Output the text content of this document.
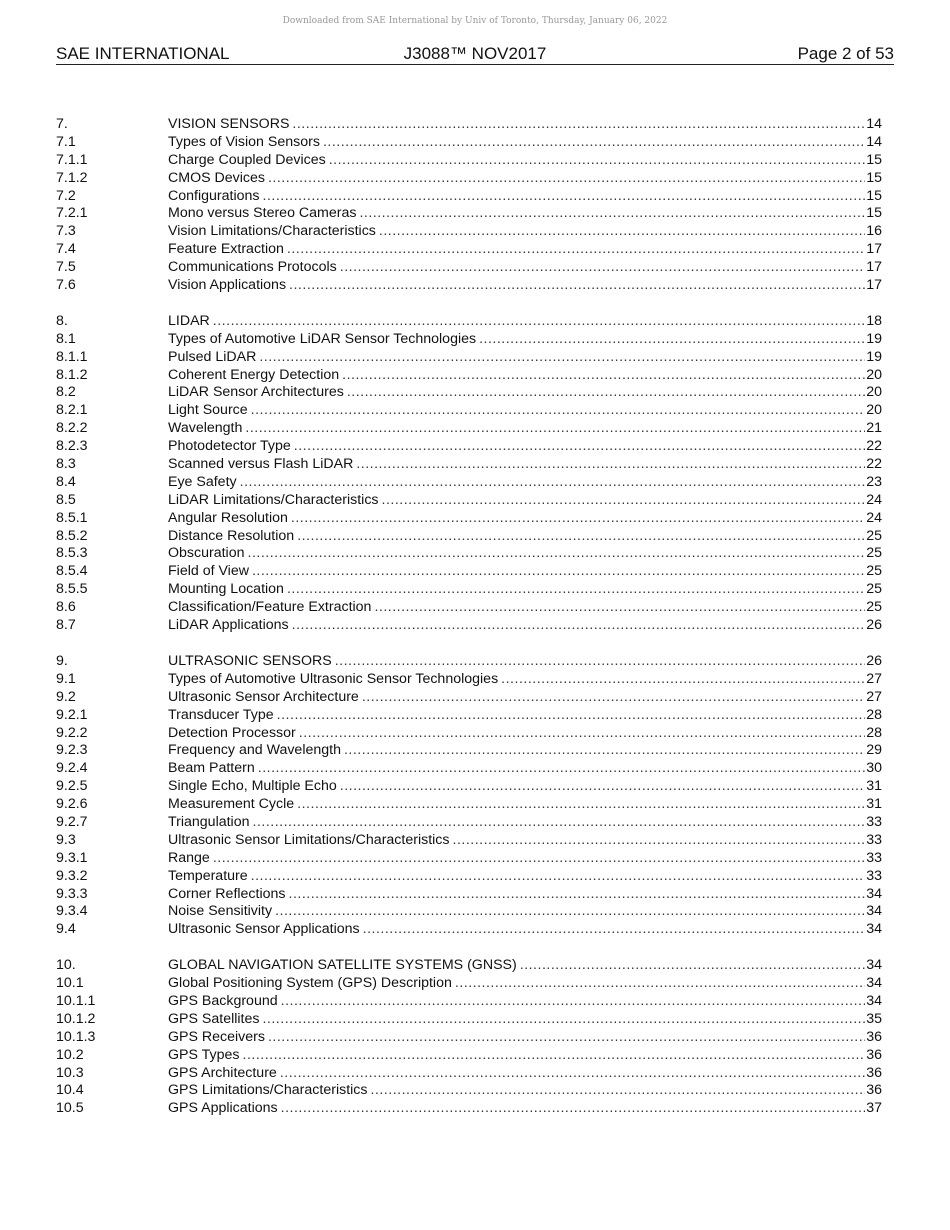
Downloaded from SAE International by Univ of Toronto, Thursday, January 06, 2022
SAE INTERNATIONAL	J3088™ NOV2017	Page 2 of 53
7.	VISION SENSORS .....	14
7.1	Types of Vision Sensors .....	14
7.1.1	Charge Coupled Devices .....	15
7.1.2	CMOS Devices .....	15
7.2	Configurations .....	15
7.2.1	Mono versus Stereo Cameras .....	15
7.3	Vision Limitations/Characteristics .....	16
7.4	Feature Extraction .....	17
7.5	Communications Protocols .....	17
7.6	Vision Applications .....	17
8.	LIDAR .....	18
8.1	Types of Automotive LiDAR Sensor Technologies .....	19
8.1.1	Pulsed LiDAR .....	19
8.1.2	Coherent Energy Detection .....	20
8.2	LiDAR Sensor Architectures .....	20
8.2.1	Light Source .....	20
8.2.2	Wavelength .....	21
8.2.3	Photodetector Type .....	22
8.3	Scanned versus Flash LiDAR .....	22
8.4	Eye Safety .....	23
8.5	LiDAR Limitations/Characteristics .....	24
8.5.1	Angular Resolution .....	24
8.5.2	Distance Resolution .....	25
8.5.3	Obscuration .....	25
8.5.4	Field of View .....	25
8.5.5	Mounting Location .....	25
8.6	Classification/Feature Extraction .....	25
8.7	LiDAR Applications .....	26
9.	ULTRASONIC SENSORS .....	26
9.1	Types of Automotive Ultrasonic Sensor Technologies .....	27
9.2	Ultrasonic Sensor Architecture .....	27
9.2.1	Transducer Type .....	28
9.2.2	Detection Processor .....	28
9.2.3	Frequency and Wavelength .....	29
9.2.4	Beam Pattern .....	30
9.2.5	Single Echo, Multiple Echo .....	31
9.2.6	Measurement Cycle .....	31
9.2.7	Triangulation .....	33
9.3	Ultrasonic Sensor Limitations/Characteristics .....	33
9.3.1	Range .....	33
9.3.2	Temperature .....	33
9.3.3	Corner Reflections .....	34
9.3.4	Noise Sensitivity .....	34
9.4	Ultrasonic Sensor Applications .....	34
10.	GLOBAL NAVIGATION SATELLITE SYSTEMS (GNSS) .....	34
10.1	Global Positioning System (GPS) Description .....	34
10.1.1	GPS Background .....	34
10.1.2	GPS Satellites .....	35
10.1.3	GPS Receivers .....	36
10.2	GPS Types .....	36
10.3	GPS Architecture .....	36
10.4	GPS Limitations/Characteristics .....	36
10.5	GPS Applications .....	37
